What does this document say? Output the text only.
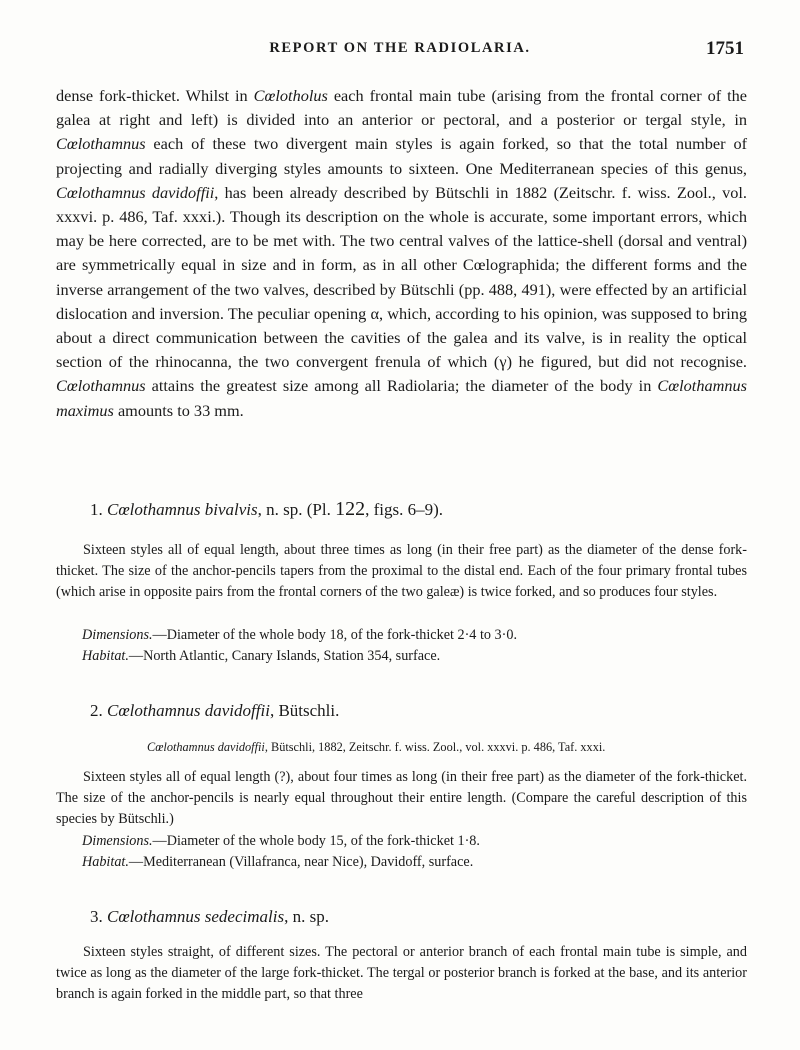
REPORT ON THE RADIOLARIA.	1751

dense fork-thicket. Whilst in Cœlotholus each frontal main tube (arising from the frontal corner of the galea at right and left) is divided into an anterior or pectoral, and a posterior or tergal style, in Cœlothamnus each of these two divergent main styles is again forked, so that the total number of projecting and radially diverging styles amounts to sixteen. One Mediterranean species of this genus, Cœlothamnus davidoffii, has been already described by Bütschli in 1882 (Zeitschr. f. wiss. Zool., vol. xxxvi. p. 486, Taf. xxxi.). Though its description on the whole is accurate, some important errors, which may be here corrected, are to be met with. The two central valves of the lattice-shell (dorsal and ventral) are symmetrically equal in size and in form, as in all other Cœlographida; the different forms and the inverse arrangement of the two valves, described by Bütschli (pp. 488, 491), were effected by an artificial dislocation and inversion. The peculiar opening α, which, according to his opinion, was supposed to bring about a direct communication between the cavities of the galea and its valve, is in reality the optical section of the rhinocanna, the two convergent frenula of which (γ) he figured, but did not recognise. Cœlothamnus attains the greatest size among all Radiolaria; the diameter of the body in Cœlothamnus maximus amounts to 33 mm.

1. Cœlothamnus bivalvis, n. sp. (Pl. 122, figs. 6–9).

Sixteen styles all of equal length, about three times as long (in their free part) as the diameter of the dense fork-thicket. The size of the anchor-pencils tapers from the proximal to the distal end. Each of the four primary frontal tubes (which arise in opposite pairs from the frontal corners of the two galeæ) is twice forked, and so produces four styles.

Dimensions.—Diameter of the whole body 18, of the fork-thicket 2·4 to 3·0.

Habitat.—North Atlantic, Canary Islands, Station 354, surface.

2. Cœlothamnus davidoffii, Bütschli.

Cœlothamnus davidoffii, Bütschli, 1882, Zeitschr. f. wiss. Zool., vol. xxxvi. p. 486, Taf. xxxi.

Sixteen styles all of equal length (?), about four times as long (in their free part) as the diameter of the fork-thicket. The size of the anchor-pencils is nearly equal throughout their entire length. (Compare the careful description of this species by Bütschli.)

Dimensions.—Diameter of the whole body 15, of the fork-thicket 1·8.

Habitat.—Mediterranean (Villafranca, near Nice), Davidoff, surface.

3. Cœlothamnus sedecimalis, n. sp.

Sixteen styles straight, of different sizes. The pectoral or anterior branch of each frontal main tube is simple, and twice as long as the diameter of the large fork-thicket. The tergal or posterior branch is forked at the base, and its anterior branch is again forked in the middle part, so that three
